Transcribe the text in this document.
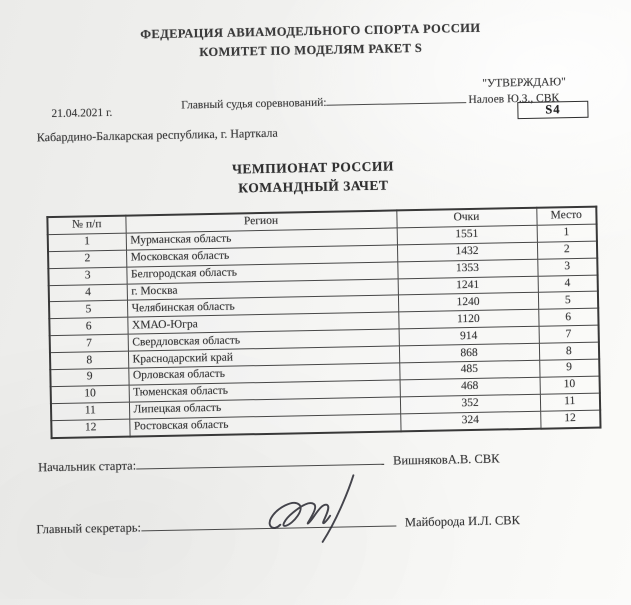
ФЕДЕРАЦИЯ АВИАМОДЕЛЬНОГО СПОРТА РОССИИ
КОМИТЕТ ПО МОДЕЛЯМ РАКЕТ S
"УТВЕРЖДАЮ"
Главный судья соревнований:	Налоев Ю.З., СВК
21.04.2021 г.	S4
Кабардино-Балкарская республика, г. Нарткала
ЧЕМПИОНАТ РОССИИ
КОМАНДНЫЙ ЗАЧЕТ
№ п/п	Регион	Очки	Место
1	Мурманская область	1551	1
2	Московская область	1432	2
3	Белгородская область	1353	3
4	г. Москва	1241	4
5	Челябинская область	1240	5
6	ХМАО-Югра	1120	6
7	Свердловская область	914	7
8	Краснодарский край	868	8
9	Орловская область	485	9
10	Тюменская область	468	10
11	Липецкая область	352	11
12	Ростовская область	324	12
Начальник старта:	ВишняковА.В. СВК
Главный секретарь:	Майборода И.Л. СВК
